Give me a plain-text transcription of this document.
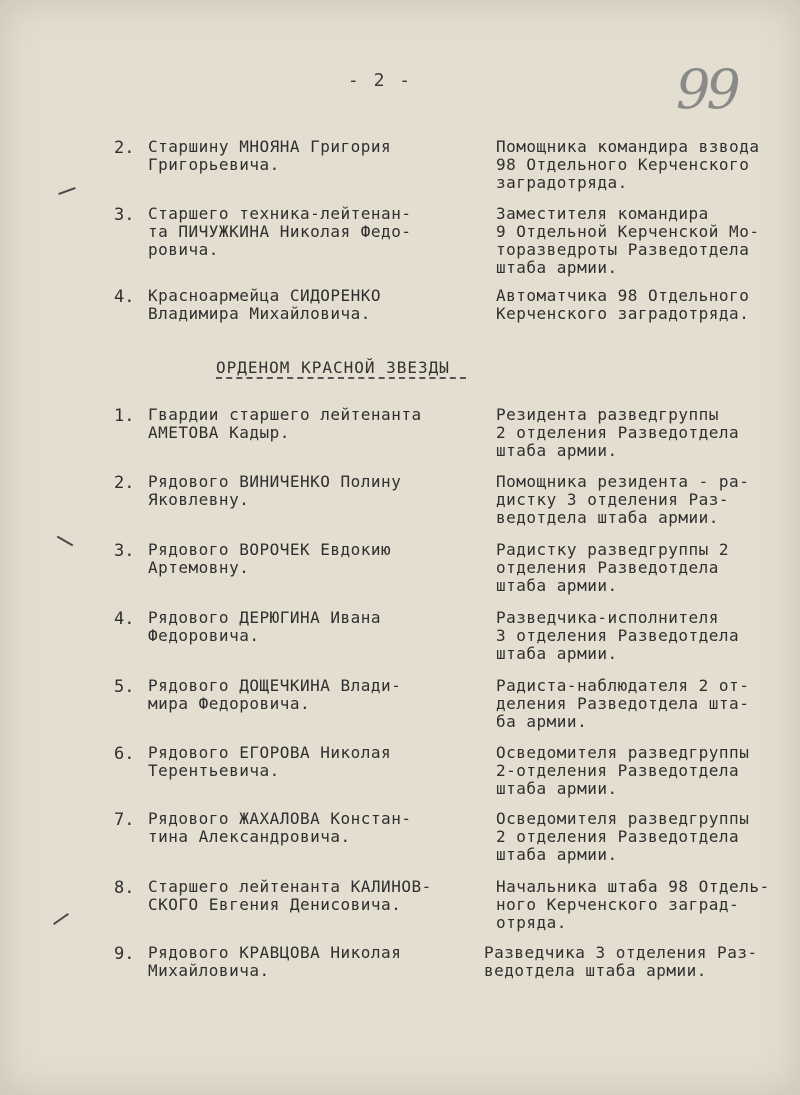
- 2 -	99
2. Старшину МНОЯНА Григория
Григорьевича.

Помощника командира взвода
98 Отдельного Керченского
заградотряда.

3. Старшего техника-лейтенан-
та ПИЧУЖКИНА Николая Федо-
ровича.

Заместителя командира
9 Отдельной Керченской Мо-
торазведроты Разведотдела
штаба армии.

4. Красноармейца СИДОРЕНКО
Владимира Михайловича.

Автоматчика 98 Отдельного
Керченского заградотряда.

ОРДЕНОМ КРАСНОЙ ЗВЕЗДЫ
1. Гвардии старшего лейтенанта
АМЕТОВА Кадыр.

Резидента разведгруппы
2 отделения Разведотдела
штаба армии.

2. Рядового ВИНИЧЕНКО Полину
Яковлевну.

Помощника резидента - ра-
дистку 3 отделения Раз-
ведотдела штаба армии.

3. Рядового ВОРОЧЕК Евдокию
Артемовну.

Радистку разведгруппы 2
отделения Разведотдела
штаба армии.

4. Рядового ДЕРЮГИНА Ивана
Федоровича.

Разведчика-исполнителя
3 отделения Разведотдела
штаба армии.

5. Рядового ДОЩЕЧКИНА Влади-
мира Федоровича.

Радиста-наблюдателя 2 от-
деления Разведотдела шта-
ба армии.

6. Рядового ЕГОРОВА Николая
Терентьевича.

Осведомителя разведгруппы
2-отделения Разведотдела
штаба армии.

7. Рядового ЖАХАЛОВА Констан-
тина Александровича.

Осведомителя разведгруппы
2 отделения Разведотдела
штаба армии.

8. Старшего лейтенанта КАЛИНОВ-
СКОГО Евгения Денисовича.

Начальника штаба 98 Отдель-
ного Керченского заград-
отряда.

9. Рядового КРАВЦОВА Николая
Михайловича.

Разведчика 3 отделения Раз-
ведотдела штаба армии.
